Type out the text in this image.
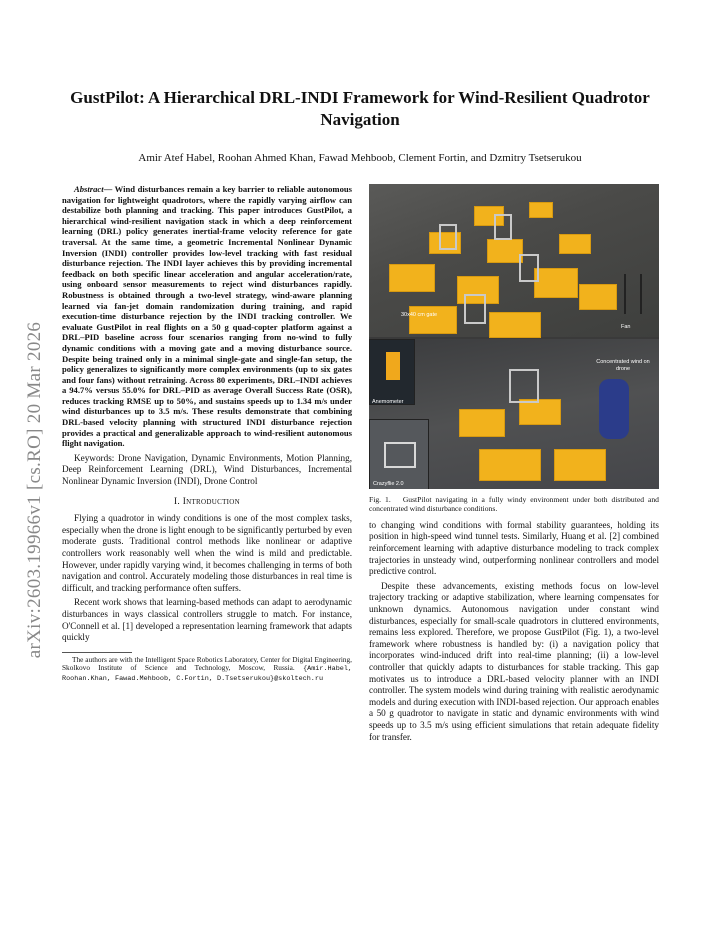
GustPilot: A Hierarchical DRL-INDI Framework for Wind-Resilient Quadrotor Navigation
Amir Atef Habel, Roohan Ahmed Khan, Fawad Mehboob, Clement Fortin, and Dzmitry Tsetserukou
arXiv:2603.19966v1 [cs.RO] 20 Mar 2026

Abstract— Wind disturbances remain a key barrier to reliable autonomous navigation for lightweight quadrotors, where the rapidly varying airflow can destabilize both planning and tracking. This paper introduces GustPilot, a hierarchical wind-resilient navigation stack in which a deep reinforcement learning (DRL) policy generates inertial-frame velocity reference for gate traversal. At the same time, a geometric Incremental Nonlinear Dynamic Inversion (INDI) controller provides low-level tracking with fast residual disturbance rejection. The INDI layer achieves this by providing incremental feedback on both specific linear acceleration and angular acceleration/rate, using onboard sensor measurements to reject wind disturbances rapidly. Robustness is obtained through a two-level strategy, wind-aware planning learned via fan-jet domain randomization during training, and rapid execution-time disturbance rejection by the INDI tracking controller. We evaluate GustPilot in real flights on a 50 g quad-copter platform against a DRL–PID baseline across four scenarios ranging from no-wind to fully dynamic conditions with a moving gate and a moving disturbance source. Despite being trained only in a minimal single-gate and single-fan setup, the policy generalizes to significantly more complex environments (up to six gates and four fans) without retraining. Across 80 experiments, DRL–INDI achieves a 94.7% versus 55.0% for DRL–PID as average Overall Success Rate (OSR), reduces tracking RMSE up to 50%, and sustains speeds up to 1.34 m/s under wind disturbances up to 3.5 m/s. These results demonstrate that combining DRL-based velocity planning with structured INDI disturbance rejection provides a practical and generalizable approach to wind-resilient autonomous flight navigation.

Keywords: Drone Navigation, Dynamic Environments, Motion Planning, Deep Reinforcement Learning (DRL), Wind Disturbances, Incremental Nonlinear Dynamic Inversion (INDI), Drone Control

I. Introduction

Flying a quadrotor in windy conditions is one of the most complex tasks, especially when the drone is light enough to be significantly perturbed by even moderate gusts. Traditional control methods like nonlinear or adaptive controllers work reasonably well when the wind is mild and predictable. However, under rapidly varying wind, it becomes challenging in terms of both navigation and control. Accurately modeling those disturbances in real time is difficult, and tracking performance often suffers.

Recent work shows that learning-based methods can adapt to aerodynamic disturbances in ways classical controllers struggle to match. For instance, O'Connell et al. [1] developed a representation learning framework that adapts quickly

The authors are with the Intelligent Space Robotics Laboratory, Center for Digital Engineering, Skolkovo Institute of Science and Technology, Moscow, Russia. {Amir.Habel, Roohan.Khan, Fawad.Mehboob, C.Fortin, D.Tsetserukou}@skoltech.ru

30x40 cm gate
Fan
Anemometer
Crazyflie 2.0
Concentrated wind on drone

Fig. 1. GustPilot navigating in a fully windy environment under both distributed and concentrated wind disturbance conditions.

to changing wind conditions with formal stability guarantees, holding its position in high-speed wind tunnel tests. Similarly, Huang et al. [2] combined reinforcement learning with adaptive disturbance modeling to track complex trajectories in unsteady wind, outperforming nonlinear controllers and model predictive control.

Despite these advancements, existing methods focus on low-level trajectory tracking or adaptive stabilization, where learning compensates for unknown dynamics. Autonomous navigation under constant wind disturbances, especially for small-scale quadrotors in cluttered environments, remains less explored. Therefore, we propose GustPilot (Fig. 1), a two-level framework where robustness is handled by: (i) a navigation policy that incorporates wind-induced drift into real-time planning; (ii) a low-level controller that quickly adapts to disturbances for stable tracking. This gap motivates us to introduce a DRL-based velocity planner with an INDI controller. The system models wind during training with realistic aerodynamic models and during execution with INDI-based rejection. Our approach enables a 50 g quadrotor to navigate in static and dynamic environments with wind speeds up to 3.5 m/s using efficient simulations that retain adequate fidelity for transfer.
